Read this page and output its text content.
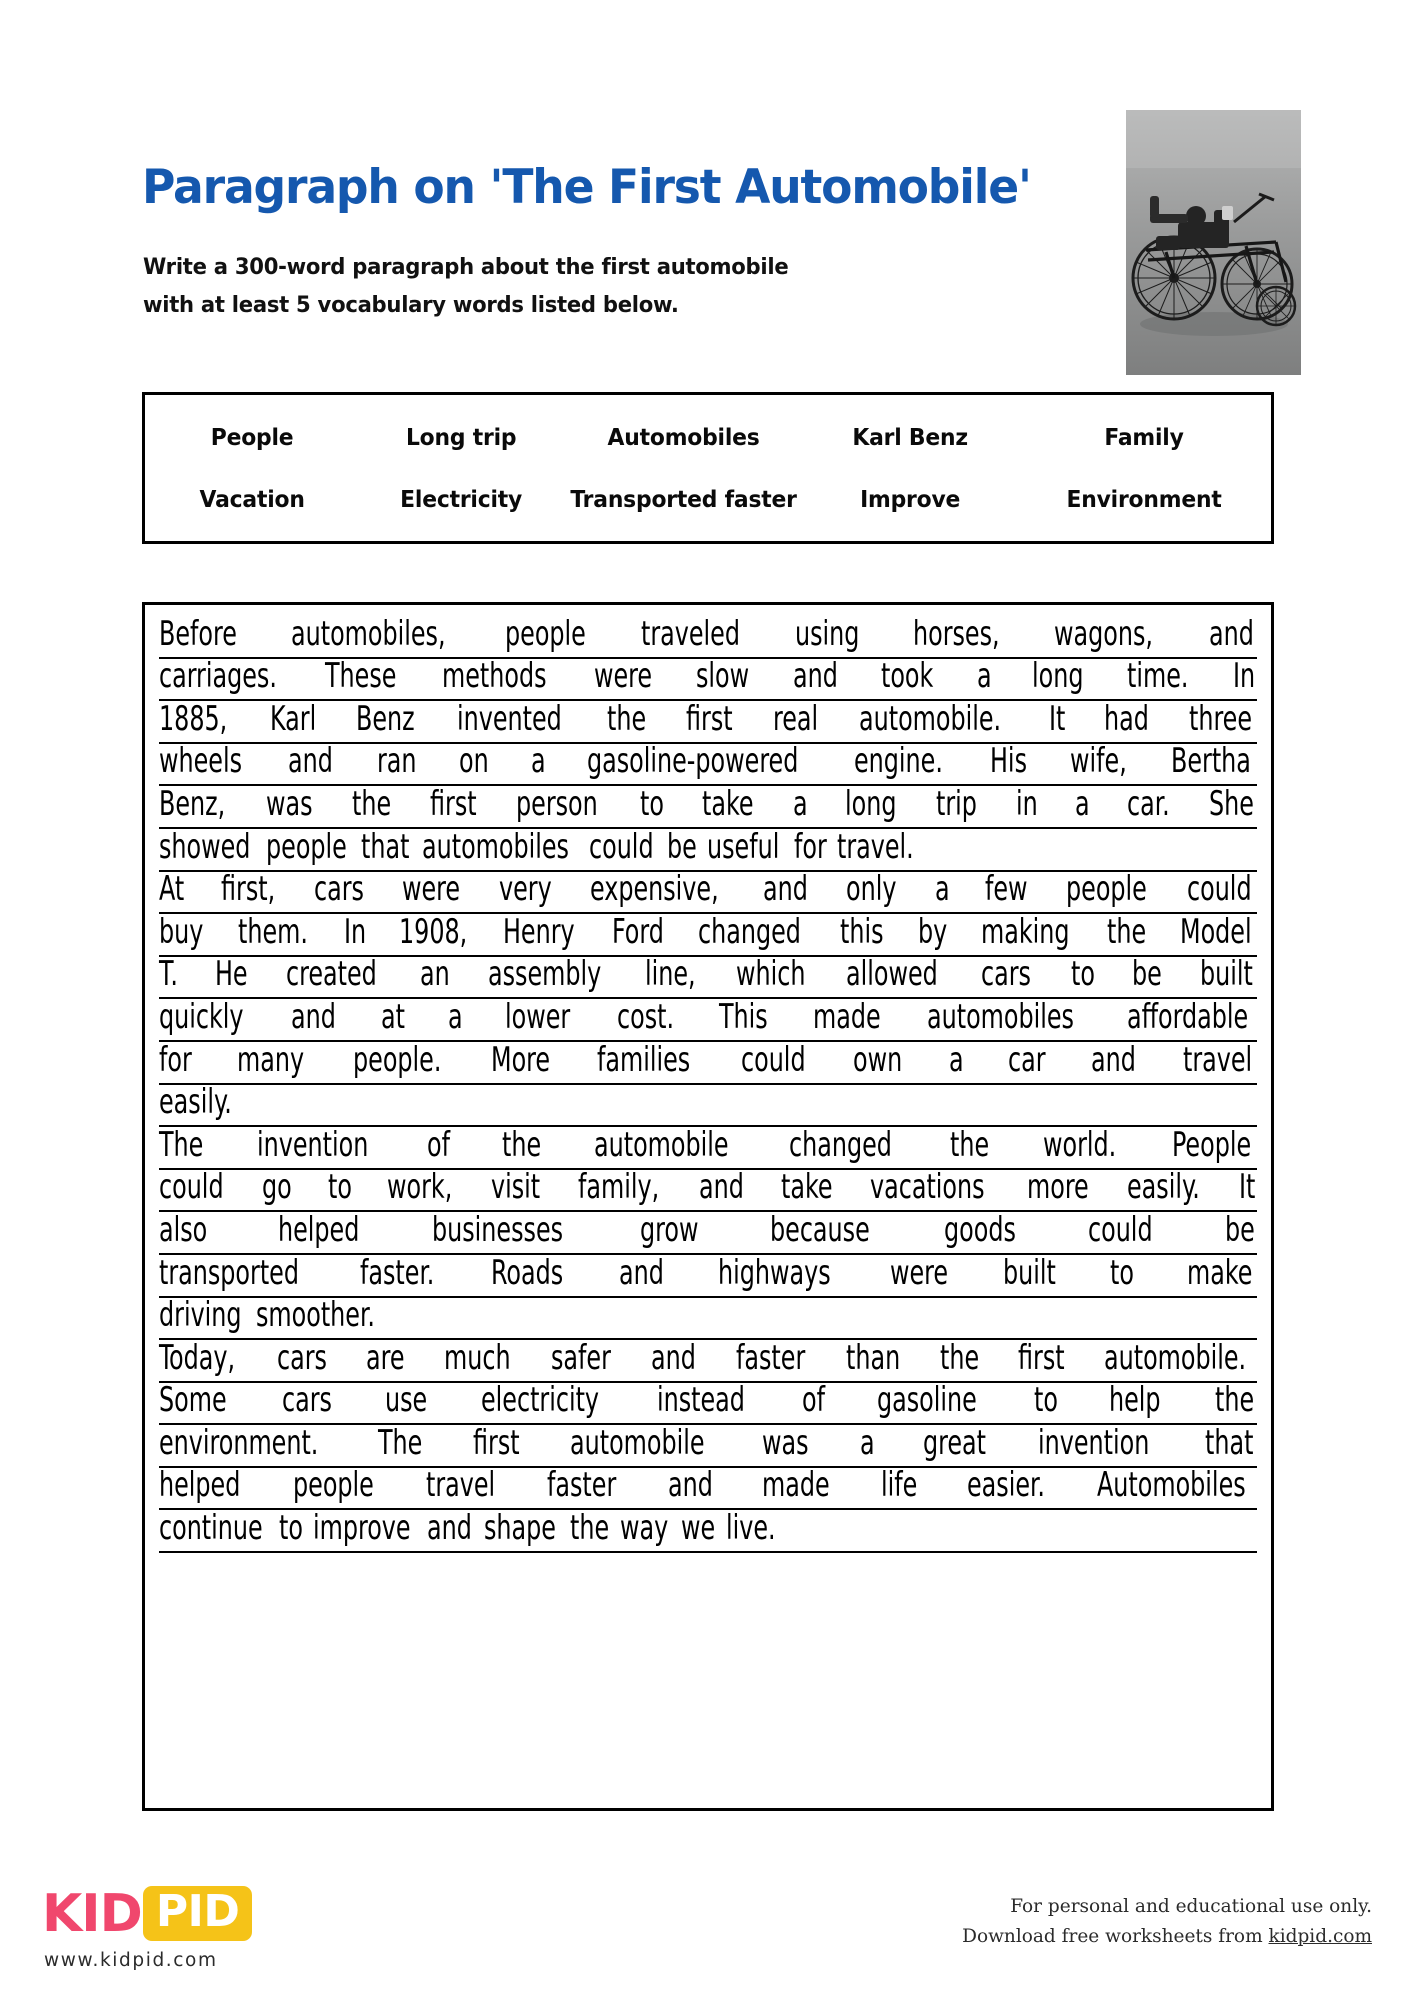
Paragraph on 'The First Automobile'
Write a 300-word paragraph about the first automobile
with at least 5 vocabulary words listed below.
People	Long trip	Automobiles	Karl Benz	Family
Vacation	Electricity	Transported faster	Improve	Environment
Before automobiles, people traveled using horses, wagons, and
carriages. These methods were slow and took a long time. In
1885, Karl Benz invented the first real automobile. It had three
wheels and ran on a gasoline-powered engine. His wife, Bertha
Benz, was the first person to take a long trip in a car. She
showed people that automobiles could be useful for travel.
At first, cars were very expensive, and only a few people could
buy them. In 1908, Henry Ford changed this by making the Model
T. He created an assembly line, which allowed cars to be built
quickly and at a lower cost. This made automobiles affordable
for many people. More families could own a car and travel
easily.
The invention of the automobile changed the world. People
could go to work, visit family, and take vacations more easily. It
also helped	businesses	grow	because	goods	could	be
transported faster. Roads and highways were built to make
driving smoother.
Today, cars are much safer and faster than the first automobile.
Some cars use electricity instead of gasoline to help the
environment. The first automobile was a great invention that
helped people travel faster and made life easier. Automobiles
continue to improve and shape the way we live.
KID PID
www.kidpid.com
For personal and educational use only.
Download free worksheets from kidpid.com
